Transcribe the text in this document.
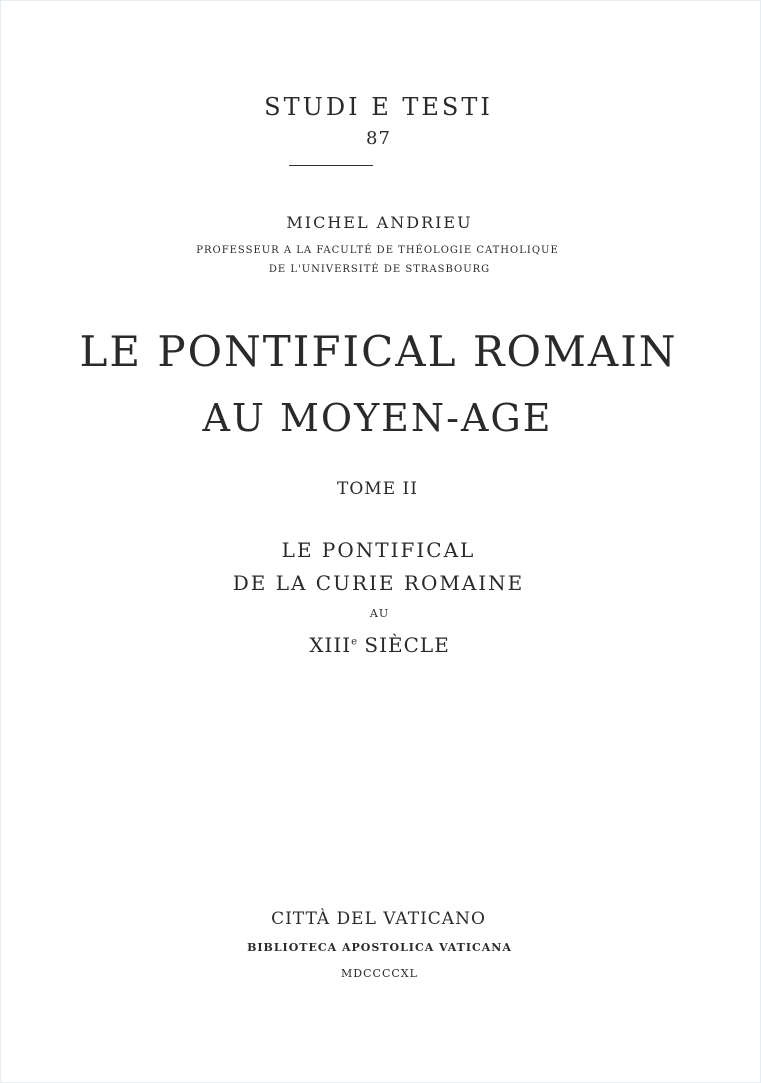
STUDI E TESTI
87
MICHEL ANDRIEU
PROFESSEUR A LA FACULTÉ DE THÉOLOGIE CATHOLIQUE
DE L'UNIVERSITÉ DE STRASBOURG
LE PONTIFICAL ROMAIN
AU MOYEN-AGE
TOME II
LE PONTIFICAL
DE LA CURIE ROMAINE
AU
XIIIe SIÈCLE
CITTÀ DEL VATICANO
BIBLIOTECA APOSTOLICA VATICANA
MDCCCCXL
